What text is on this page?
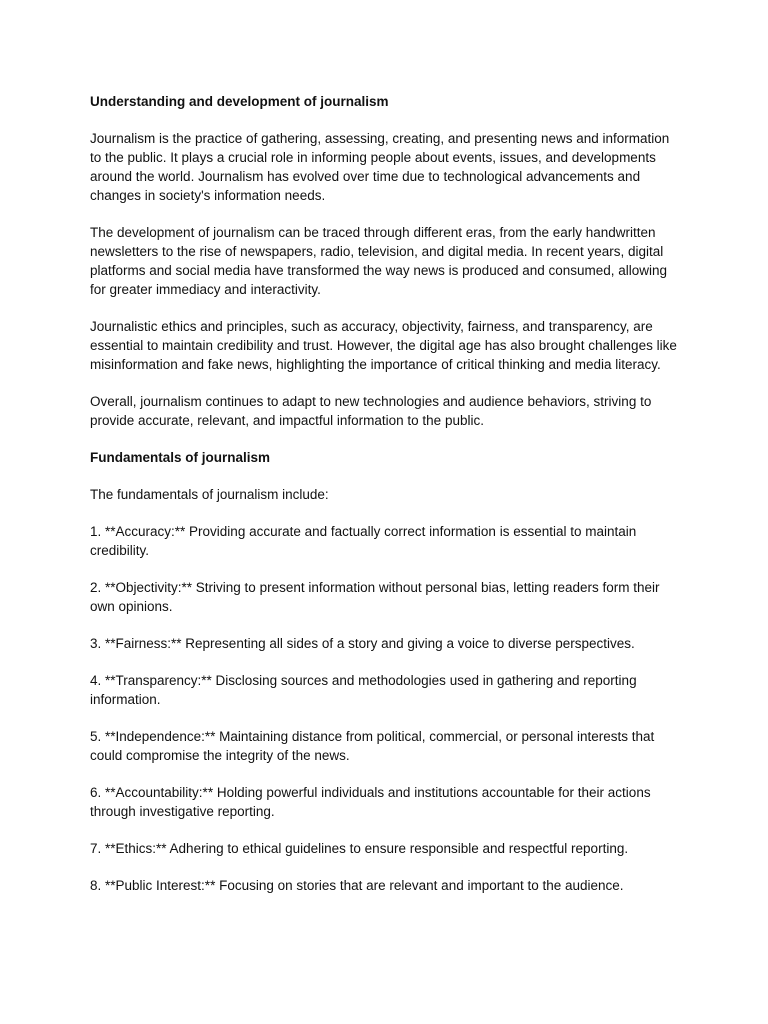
Understanding and development of journalism

Journalism is the practice of gathering, assessing, creating, and presenting news and information to the public. It plays a crucial role in informing people about events, issues, and developments around the world. Journalism has evolved over time due to technological advancements and changes in society's information needs.

The development of journalism can be traced through different eras, from the early handwritten newsletters to the rise of newspapers, radio, television, and digital media. In recent years, digital platforms and social media have transformed the way news is produced and consumed, allowing for greater immediacy and interactivity.

Journalistic ethics and principles, such as accuracy, objectivity, fairness, and transparency, are essential to maintain credibility and trust. However, the digital age has also brought challenges like misinformation and fake news, highlighting the importance of critical thinking and media literacy.

Overall, journalism continues to adapt to new technologies and audience behaviors, striving to provide accurate, relevant, and impactful information to the public.

Fundamentals of journalism

The fundamentals of journalism include:

1. **Accuracy:** Providing accurate and factually correct information is essential to maintain credibility.

2. **Objectivity:** Striving to present information without personal bias, letting readers form their own opinions.

3. **Fairness:** Representing all sides of a story and giving a voice to diverse perspectives.

4. **Transparency:** Disclosing sources and methodologies used in gathering and reporting information.

5. **Independence:** Maintaining distance from political, commercial, or personal interests that could compromise the integrity of the news.

6. **Accountability:** Holding powerful individuals and institutions accountable for their actions through investigative reporting.

7. **Ethics:** Adhering to ethical guidelines to ensure responsible and respectful reporting.

8. **Public Interest:** Focusing on stories that are relevant and important to the audience.
